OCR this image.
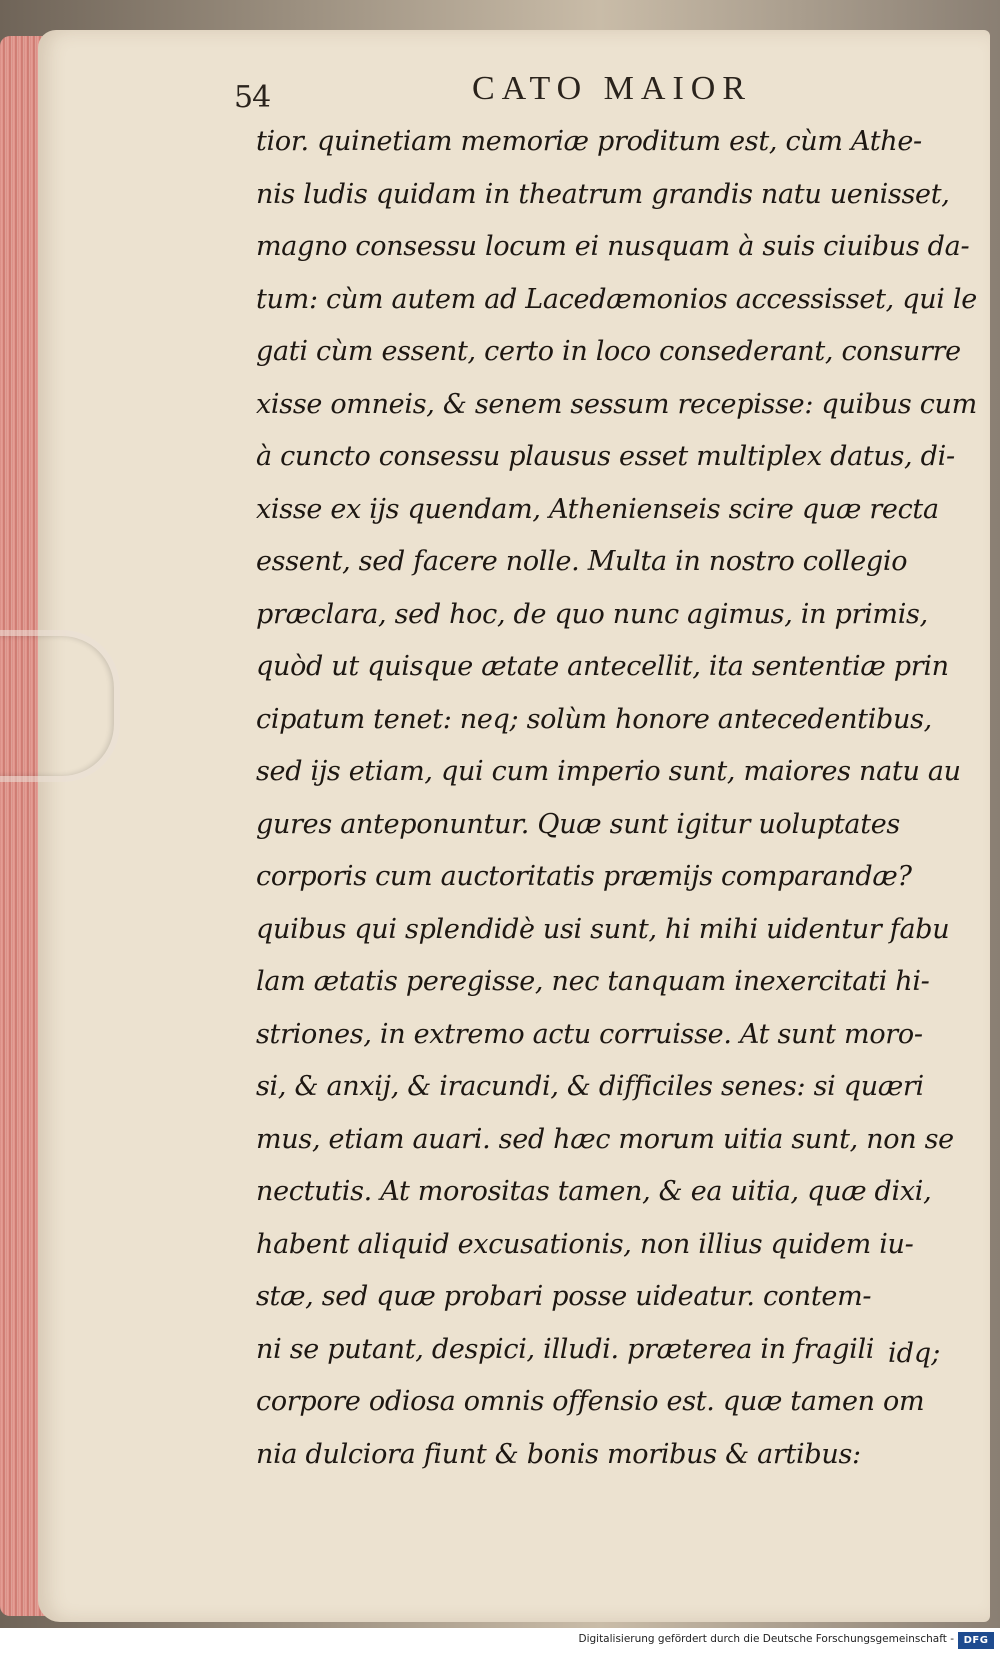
54	CATO MAIOR
tior. quinetiam memoriæ proditum est, cùm Athe-
nis ludis quidam in theatrum grandis natu uenisset,
magno consessu locum ei nusquam à suis ciuibus da-
tum: cùm autem ad Lacedæmonios accessisset, qui le
gati cùm essent, certo in loco consederant, consurre
xisse omneis, & senem sessum recepisse: quibus cum
à cuncto consessu plausus esset multiplex datus, di-
xisse ex ijs quendam, Athenienseis scire quæ recta
essent, sed facere nolle. Multa in nostro collegio
præclara, sed hoc, de quo nunc agimus, in primis,
quòd ut quisque ætate antecellit, ita sententiæ prin
cipatum tenet: neq; solùm honore antecedentibus,
sed ijs etiam, qui cum imperio sunt, maiores natu au
gures anteponuntur. Quæ sunt igitur uoluptates
corporis cum auctoritatis præmijs comparandæ?
quibus qui splendidè usi sunt, hi mihi uidentur fabu
lam ætatis peregisse, nec tanquam inexercitati hi-
striones, in extremo actu corruisse. At sunt moro-
si, & anxij, & iracundi, & difficiles senes: si quæri
mus, etiam auari. sed hæc morum uitia sunt, non se
nectutis. At morositas tamen, & ea uitia, quæ dixi,
habent aliquid excusationis, non illius quidem iu-
stæ, sed quæ probari posse uideatur. contem-
ni se putant, despici, illudi. præterea in fragili
corpore odiosa omnis offensio est. quæ tamen om
nia dulciora fiunt & bonis moribus & artibus:
idq;
Digitalisierung gefördert durch die Deutsche Forschungsgemeinschaft - DFG
